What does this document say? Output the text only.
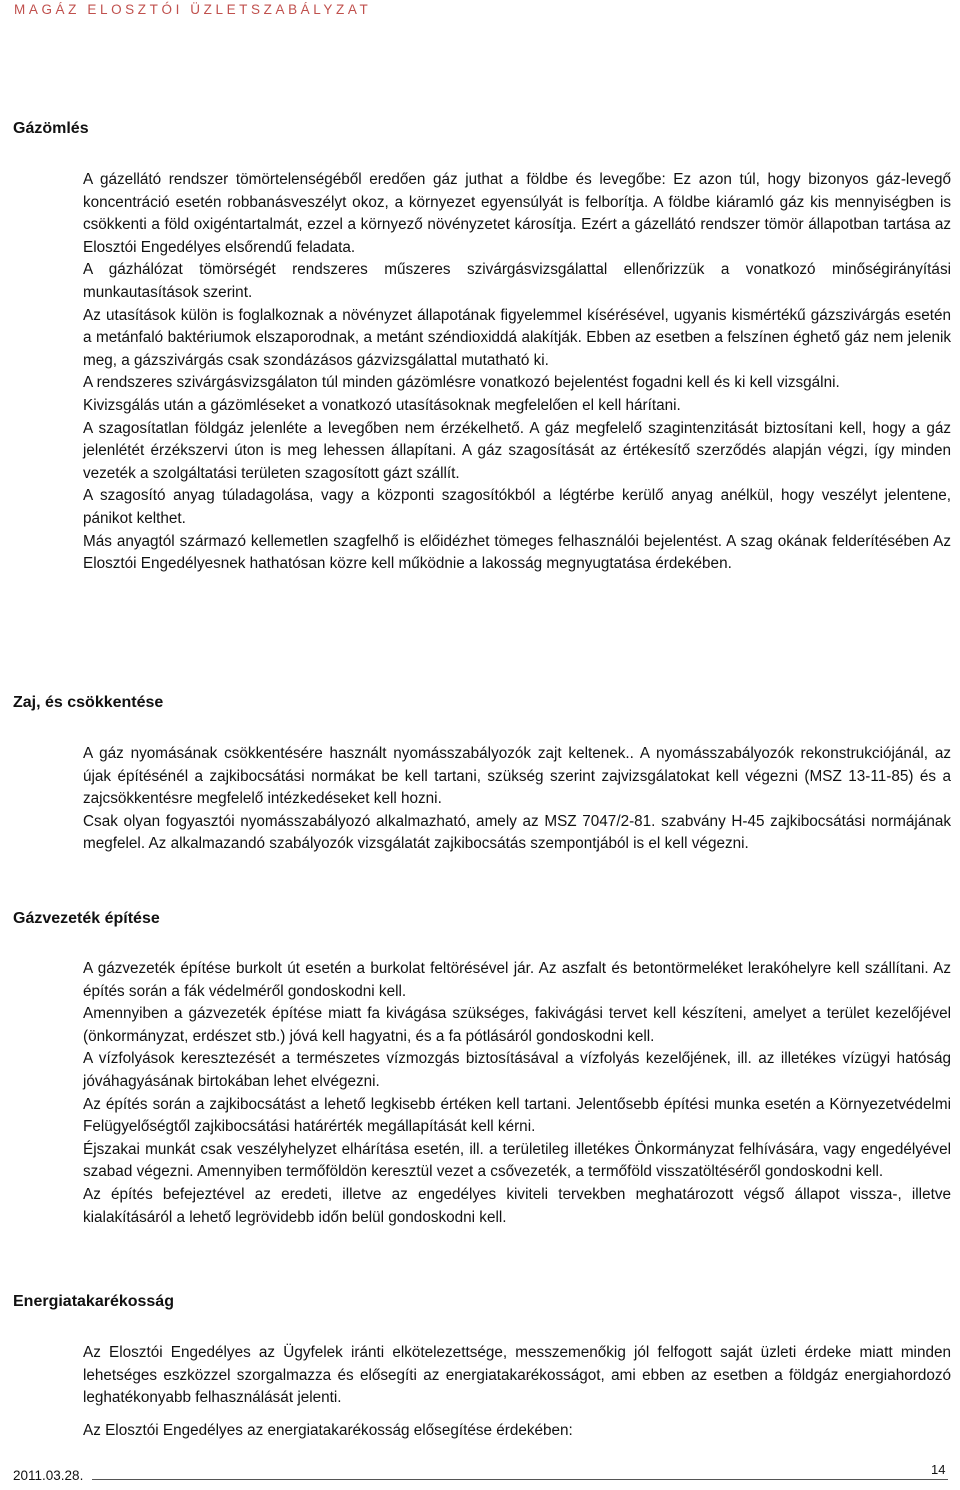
MAGÁZ ELOSZTÓI ÜZLETSZABÁLYZAT
Gázömlés

A gázellátó rendszer tömörtelenségéből eredően gáz juthat a földbe és levegőbe: Ez azon túl, hogy bizonyos gáz-levegő koncentráció esetén robbanásveszélyt okoz, a környezet egyensúlyát is felborítja. A földbe kiáramló gáz kis mennyiségben is csökkenti a föld oxigéntartalmát, ezzel a környező növényzetet károsítja. Ezért a gázellátó rendszer tömör állapotban tartása az Elosztói Engedélyes elsőrendű feladata.

A gázhálózat tömörségét rendszeres műszeres szivárgásvizsgálattal ellenőrizzük a vonatkozó minőségirányítási munkautasítások szerint.

Az utasítások külön is foglalkoznak a növényzet állapotának figyelemmel kísérésével, ugyanis kismértékű gázszivárgás esetén a metánfaló baktériumok elszaporodnak, a metánt széndioxiddá alakítják. Ebben az esetben a felszínen éghető gáz nem jelenik meg, a gázszivárgás csak szondázásos gázvizsgálattal mutatható ki.

A rendszeres szivárgásvizsgálaton túl minden gázömlésre vonatkozó bejelentést fogadni kell és ki kell vizsgálni.

Kivizsgálás után a gázömléseket a vonatkozó utasításoknak megfelelően el kell hárítani.

A szagosítatlan földgáz jelenléte a levegőben nem érzékelhető. A gáz megfelelő szagintenzitását biztosítani kell, hogy a gáz jelenlétét érzékszervi úton is meg lehessen állapítani. A gáz szagosítását az értékesítő szerződés alapján végzi, így minden vezeték a szolgáltatási területen szagosított gázt szállít.

A szagosító anyag túladagolása, vagy a központi szagosítókból a légtérbe kerülő anyag anélkül, hogy veszélyt jelentene, pánikot kelthet.

Más anyagtól származó kellemetlen szagfelhő is előidézhet tömeges felhasználói bejelentést. A szag okának felderítésében Az Elosztói Engedélyesnek hathatósan közre kell működnie a lakosság megnyugtatása érdekében.

Zaj, és csökkentése

A gáz nyomásának csökkentésére használt nyomásszabályozók zajt keltenek.. A nyomásszabályozók rekonstrukciójánál, az újak építésénél a zajkibocsátási normákat be kell tartani, szükség szerint zajvizsgálatokat kell végezni (MSZ 13-11-85) és a zajcsökkentésre megfelelő intézkedéseket kell hozni.

Csak olyan fogyasztói nyomásszabályozó alkalmazható, amely az MSZ 7047/2-81. szabvány H-45 zajkibocsátási normájának megfelel. Az alkalmazandó szabályozók vizsgálatát zajkibocsátás szempontjából is el kell végezni.

Gázvezeték építése

A gázvezeték építése burkolt út esetén a burkolat feltörésével jár. Az aszfalt és betontörmeléket lerakóhelyre kell szállítani. Az építés során a fák védelméről gondoskodni kell.

Amennyiben a gázvezeték építése miatt fa kivágása szükséges, fakivágási tervet kell készíteni, amelyet a terület kezelőjével (önkormányzat, erdészet stb.) jóvá kell hagyatni, és a fa pótlásáról gondoskodni kell.

A vízfolyások keresztezését a természetes vízmozgás biztosításával a vízfolyás kezelőjének, ill. az illetékes vízügyi hatóság jóváhagyásának birtokában lehet elvégezni.

Az építés során a zajkibocsátást a lehető legkisebb értéken kell tartani. Jelentősebb építési munka esetén a Környezetvédelmi Felügyelőségtől zajkibocsátási határérték megállapítását kell kérni.

Éjszakai munkát csak veszélyhelyzet elhárítása esetén, ill. a területileg illetékes Önkormányzat felhívására, vagy engedélyével szabad végezni. Amennyiben termőföldön keresztül vezet a csővezeték, a termőföld visszatöltéséről gondoskodni kell.

Az építés befejeztével az eredeti, illetve az engedélyes kiviteli tervekben meghatározott végső állapot vissza-, illetve kialakításáról a lehető legrövidebb időn belül gondoskodni kell.

Energiatakarékosság

Az Elosztói Engedélyes az Ügyfelek iránti elkötelezettsége, messzemenőkig jól felfogott saját üzleti érdeke miatt minden lehetséges eszközzel szorgalmazza és elősegíti az energiatakarékosságot, ami ebben az esetben a földgáz energiahordozó leghatékonyabb felhasználását jelenti.

Az Elosztói Engedélyes az energiatakarékosság elősegítése érdekében:

2011.03.28.	14
